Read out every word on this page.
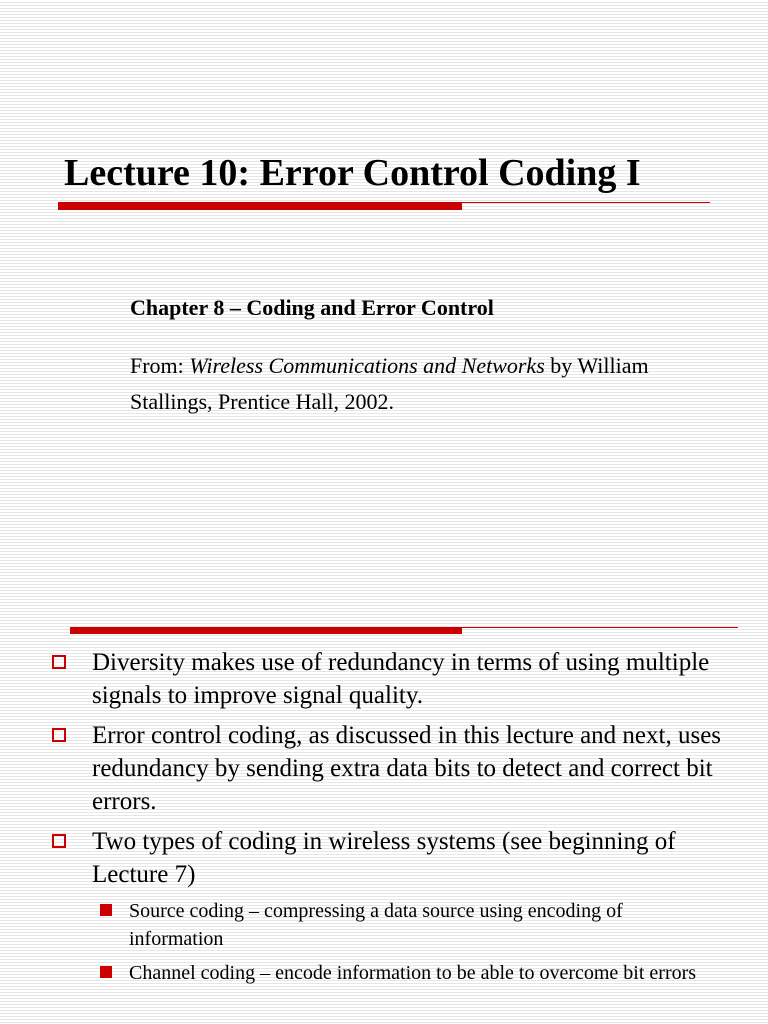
Lecture 10: Error Control Coding I

Chapter 8 – Coding and Error Control

From: Wireless Communications and Networks by William Stallings, Prentice Hall, 2002.

Diversity makes use of redundancy in terms of using multiple signals to improve signal quality.
Error control coding, as discussed in this lecture and next, uses redundancy by sending extra data bits to detect and correct bit errors.
Two types of coding in wireless systems (see beginning of Lecture 7)
Source coding – compressing a data source using encoding of information
Channel coding – encode information to be able to overcome bit errors
